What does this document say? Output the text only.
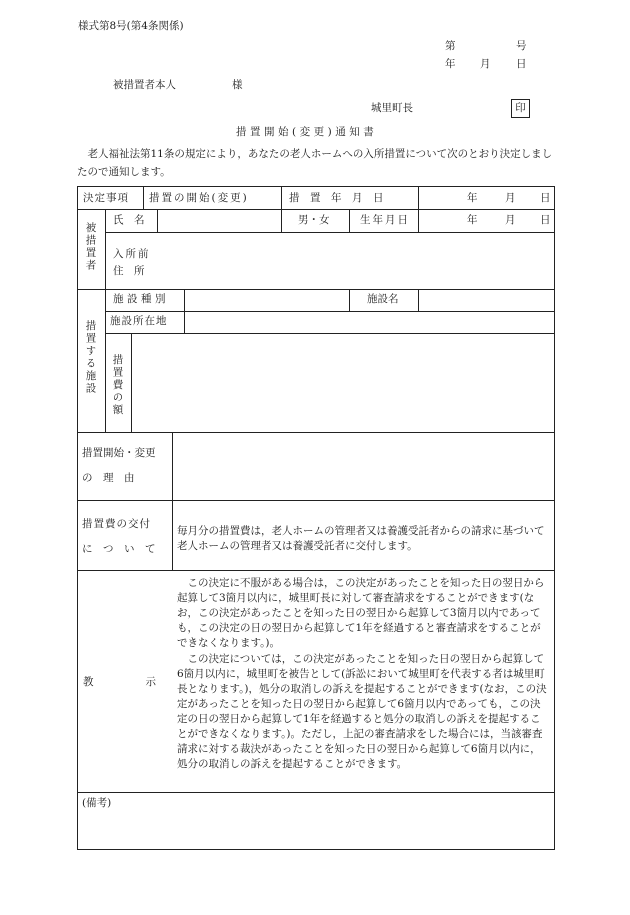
様式第8号(第4条関係)
第	号
年 月 日
被措置者本人	様
城里町長	印
措置開始(変更)通知書
老人福祉法第11条の規定により，あなたの老人ホームへの入所措置について次のとおり決定しましたので通知します。
決定事項 措置の開始(変更)	措　置　年　月　日	年	月 日
被措置者
氏　名	男・女	生年月日	年	月 日
入所前
住　所
措置する施設
施設種別	施設名
施設所在地
措置費の額
措置開始・変更
の　理　由
措置費の交付
に　つ　い　て
毎月分の措置費は，老人ホームの管理者又は養護受託者からの請求に基づいて老人ホームの管理者又は養護受託者に交付します。
教　　　　示
この決定に不服がある場合は，この決定があったことを知った日の翌日から起算して3箇月以内に，城里町長に対して審査請求をすることができます(なお，この決定があったことを知った日の翌日から起算して3箇月以内であっても，この決定の日の翌日から起算して1年を経過すると審査請求をすることができなくなります。)。
この決定については，この決定があったことを知った日の翌日から起算して6箇月以内に，城里町を被告として(訴訟において城里町を代表する者は城里町長となります。)，処分の取消しの訴えを提起することができます(なお，この決定があったことを知った日の翌日から起算して6箇月以内であっても，この決定の日の翌日から起算して1年を経過すると処分の取消しの訴えを提起することができなくなります。)。ただし，上記の審査請求をした場合には，当該審査請求に対する裁決があったことを知った日の翌日から起算して6箇月以内に，処分の取消しの訴えを提起することができます。
(備考)
